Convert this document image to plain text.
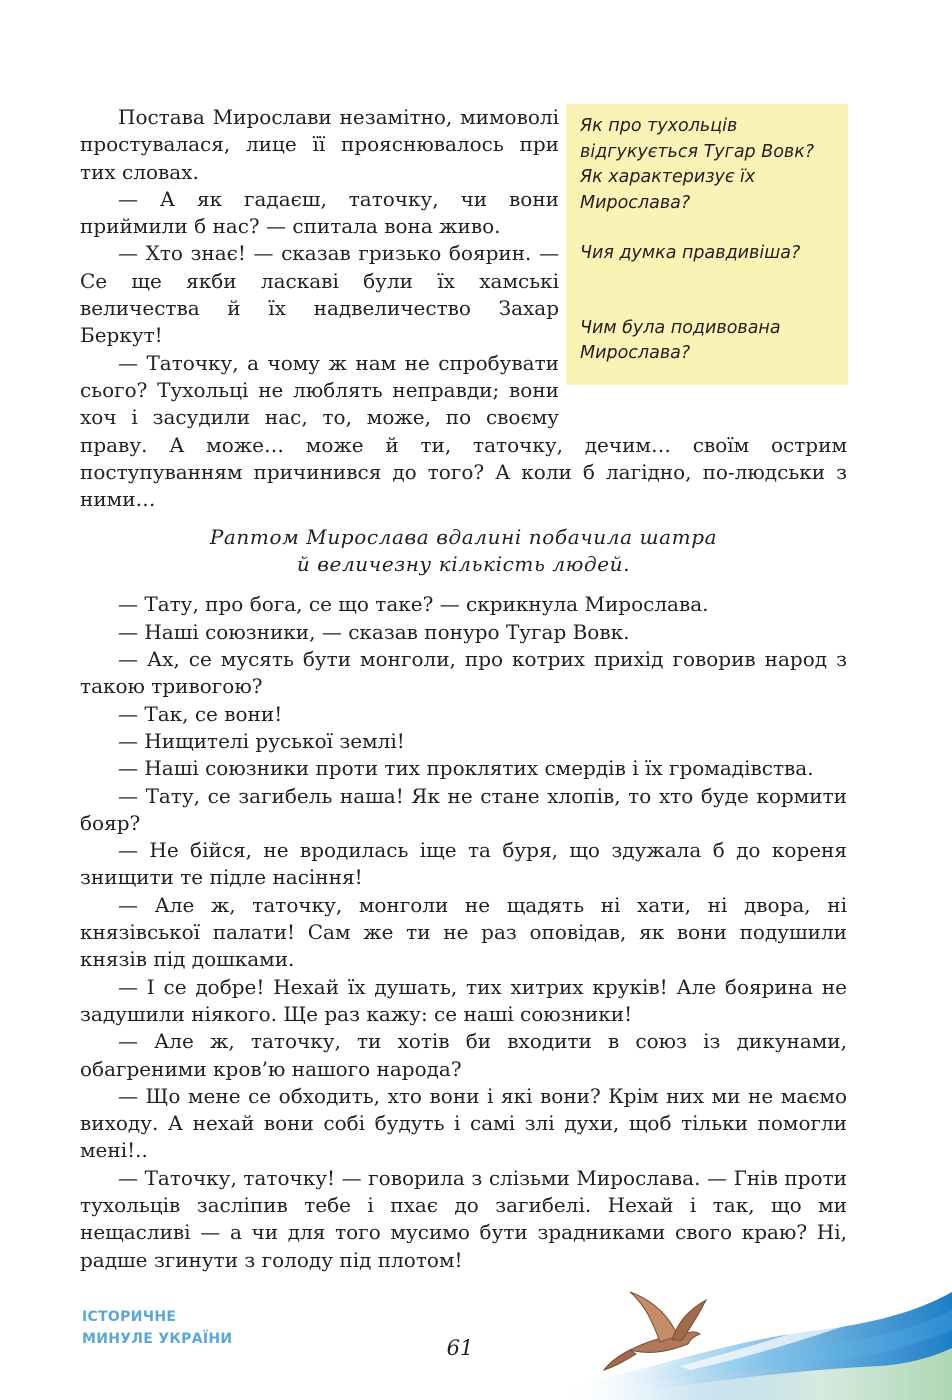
Постава Мирослави незамітно, мимоволі простувалася, лице її прояснювалось при тих словах.

— А як гадаєш, таточку, чи вони приймили б нас? — спитала вона живо.

— Хто знає! — сказав гризько боярин. — Се ще якби ласкаві були їх хамські величества й їх надвеличество Захар Беркут!

— Таточку, а чому ж нам не спробувати сього? Тухольці не люблять неправди; вони хоч і засудили нас, то, може, по своєму праву. А може… може й ти, таточку, дечим… своїм острим поступуванням причинився до того? А коли б лагідно, по-людськи з ними…

Раптом Мирослава вдалині побачила шатра
й величезну кількість людей.

— Тату, про бога, се що таке? — скрикнула Мирослава.

— Наші союзники, — сказав понуро Тугар Вовк.

— Ах, се мусять бути монголи, про котрих прихід говорив народ з такою тривогою?

— Так, се вони!

— Нищителі руської землі!

— Наші союзники проти тих проклятих смердів і їх громадівства.

— Тату, се загибель наша! Як не стане хлопів, то хто буде кормити бояр?

— Не бійся, не вродилась іще та буря, що здужала б до кореня знищити те підле насіння!

— Але ж, таточку, монголи не щадять ні хати, ні двора, ні князівської палати! Сам же ти не раз оповідав, як вони подушили князів під дошками.

— І се добре! Нехай їх душать, тих хитрих круків! Але боярина не задушили ніякого. Ще раз кажу: се наші союзники!

— Але ж, таточку, ти хотів би входити в союз із дикунами, обагреними кров’ю нашого народа?

— Що мене се обходить, хто вони і які вони? Крім них ми не маємо виходу. А нехай вони собі будуть і самі злі духи, щоб тільки помогли мені!..

— Таточку, таточку! — говорила з слізьми Мирослава. — Гнів проти тухольців засліпив тебе і пхає до загибелі. Нехай і так, що ми нещасливі — а чи для того мусимо бути зрадниками свого краю? Ні, радше згинути з голоду під плотом!

Як про тухольців відгукується Тугар Вовк? Як характеризує їх Мирослава?

Чия думка правдивіша?

Чим була подивована Мирослава?

ІСТОРИЧНЕ
МИНУЛЕ УКРАЇНИ	61
